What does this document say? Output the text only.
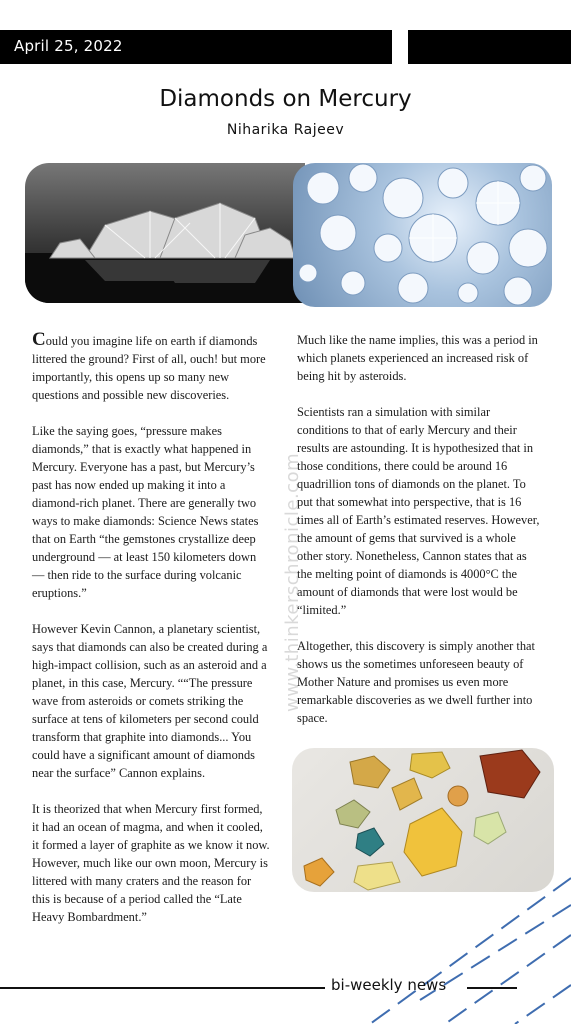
April 25, 2022
Diamonds on Mercury
Niharika Rajeev

Could you imagine life on earth if diamonds littered the ground? First of all, ouch! but more importantly, this opens up so many new questions and possible new discoveries.

Like the saying goes, “pressure makes diamonds,” that is exactly what happened in Mercury. Everyone has a past, but Mercury’s past has now ended up making it into a diamond-rich planet. There are generally two ways to make diamonds: Science News states that on Earth “the gemstones crystallize deep underground — at least 150 kilometers down — then ride to the surface during volcanic eruptions.”

However Kevin Cannon, a planetary scientist, says that diamonds can also be created during a high-impact collision, such as an asteroid and a planet, in this case, Mercury. ““The pressure wave from asteroids or comets striking the surface at tens of kilometers per second could transform that graphite into diamonds... You could have a significant amount of diamonds near the surface” Cannon explains.

It is theorized that when Mercury first formed, it had an ocean of magma, and when it cooled, it formed a layer of graphite as we know it now. However, much like our own moon, Mercury is littered with many craters and the reason for this is because of a period called the “Late Heavy Bombardment.”

www.thinkerschronicle.com

Much like the name implies, this was a period in which planets experienced an increased risk of being hit by asteroids.

Scientists ran a simulation with similar conditions to that of early Mercury and their results are astounding. It is hypothesized that in those conditions, there could be around 16 quadrillion tons of diamonds on the planet. To put that somewhat into perspective, that is 16 times all of Earth’s estimated reserves. However, the amount of gems that survived is a whole other story. Nonetheless, Cannon states that as the melting point of diamonds is 4000°C the amount of diamonds that were lost would be “limited.”

Altogether, this discovery is simply another that shows us the sometimes unforeseen beauty of Mother Nature and promises us even more remarkable discoveries as we dwell further into space.

bi-weekly news
